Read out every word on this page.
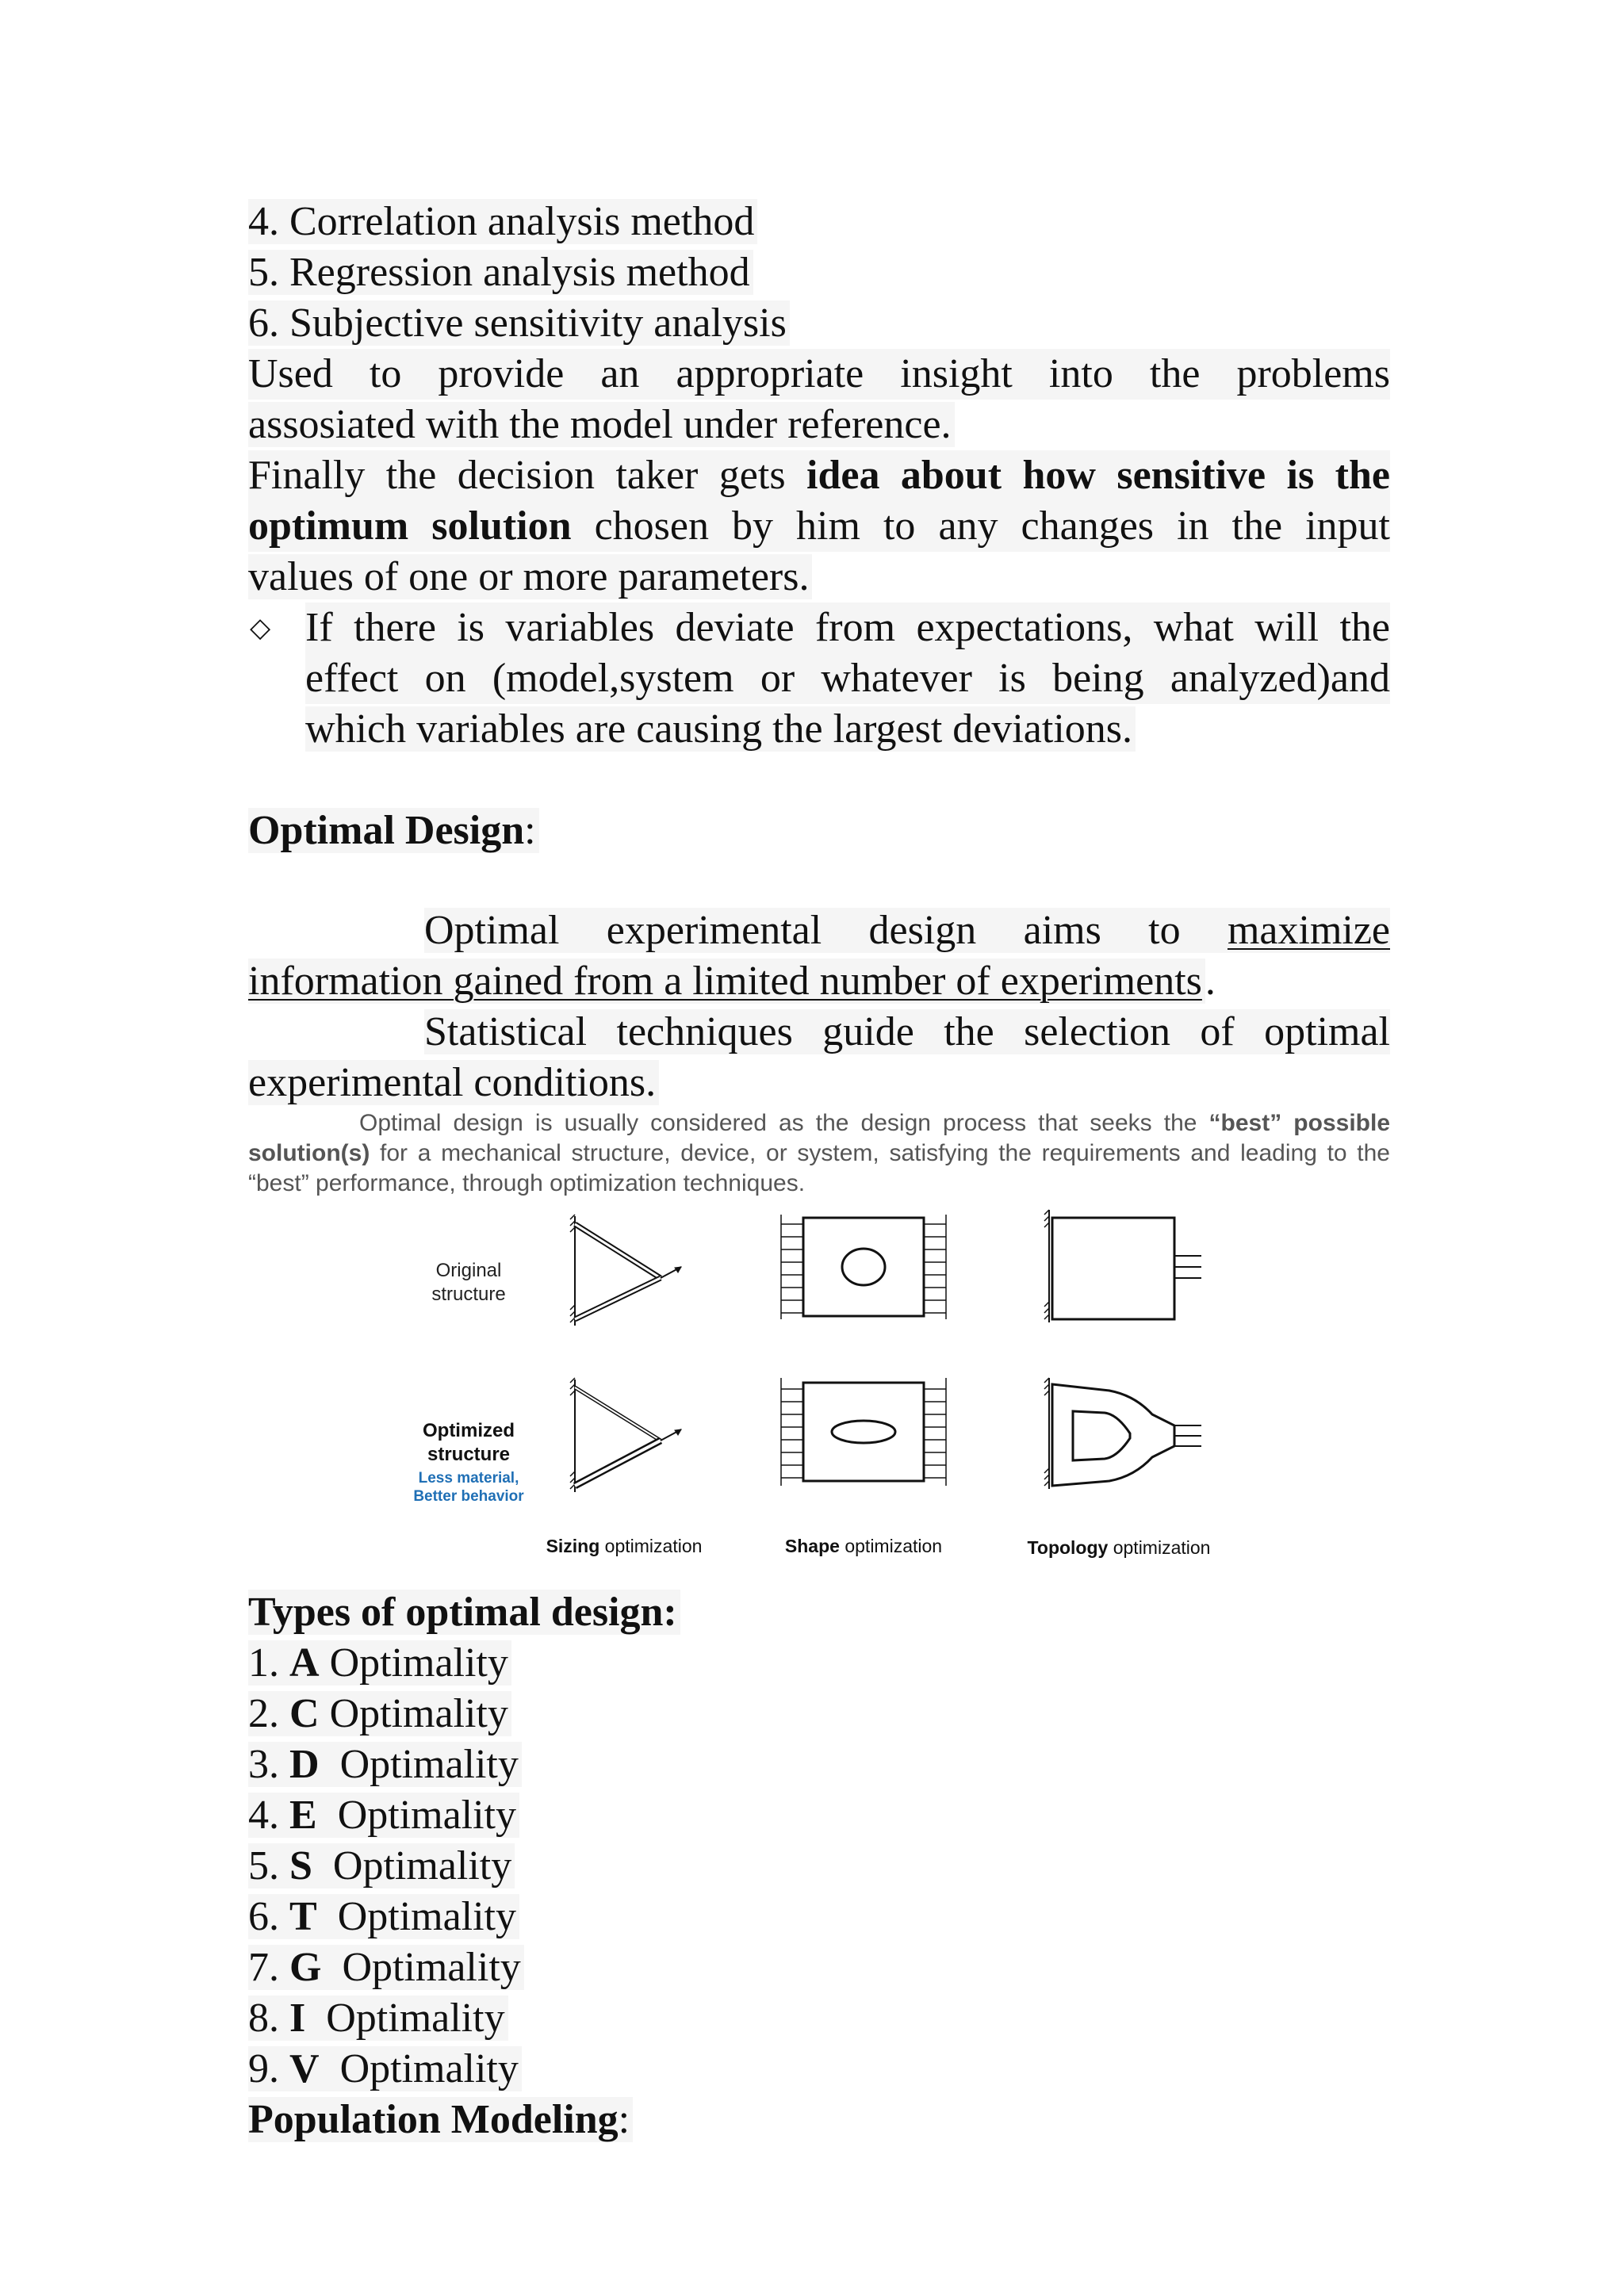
4. Correlation analysis method
5. Regression analysis method
6. Subjective sensitivity analysis
Used to provide an appropriate insight into the problems
assosiated with the model under reference.
Finally the decision taker gets idea about how sensitive is the
optimum solution chosen by him to any changes in the input
values of one or more parameters.
◇ If there is variables deviate from expectations, what will the
effect on (model,system or whatever is being analyzed)and
which variables are causing the largest deviations.
Optimal Design:
Optimal experimental design aims to maximize
information gained from a limited number of experiments.
Statistical techniques guide the selection of optimal
experimental conditions.
Optimal design is usually considered as the design process that seeks the “best” possible solution(s) for a mechanical structure, device, or system, satisfying the requirements and leading to the “best” performance, through optimization techniques.
Original
structure
Optimized
structure
Less material,
Better behavior
Sizing optimization	Shape optimization	Topology optimization
Types of optimal design:
1. A Optimality
2. C Optimality
3. D  Optimality
4. E  Optimality
5. S  Optimality
6. T  Optimality
7. G  Optimality
8. I  Optimality
9. V  Optimality
Population Modeling:
